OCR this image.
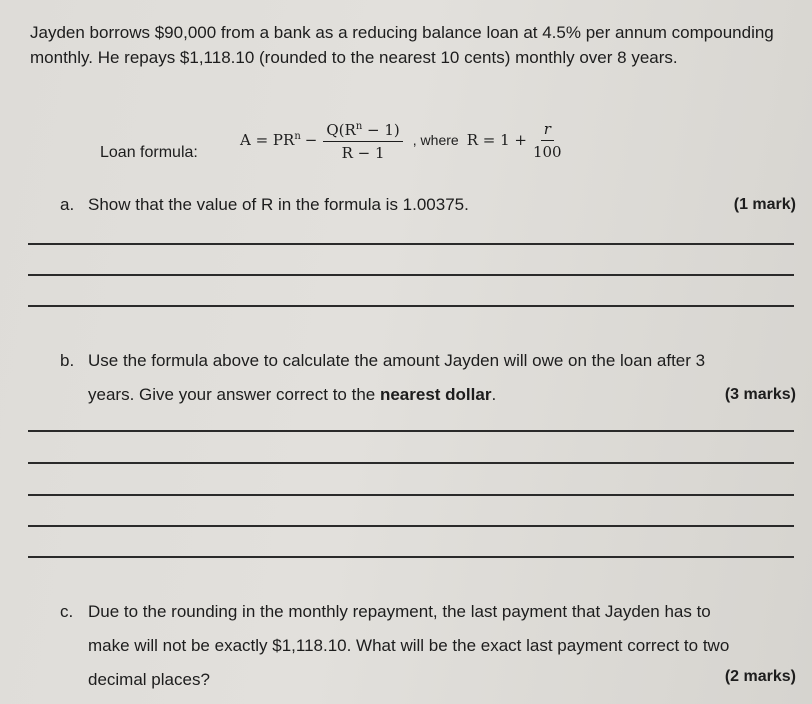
Jayden borrows $90,000 from a bank as a reducing balance loan at 4.5% per annum compounding monthly. He repays $1,118.10 (rounded to the nearest 10 cents) monthly over 8 years.
Loan formula:
$A = PR^n - \frac{Q(R^n - 1)}{R - 1}$ , where $R = 1 + \frac{r}{100}$
a. Show that the value of R in the formula is 1.00375.	(1 mark)
b. Use the formula above to calculate the amount Jayden will owe on the loan after 3
years. Give your answer correct to the nearest dollar.	(3 marks)
c. Due to the rounding in the monthly repayment, the last payment that Jayden has to
make will not be exactly $1,118.10. What will be the exact last payment correct to two
decimal places?	(2 marks)
